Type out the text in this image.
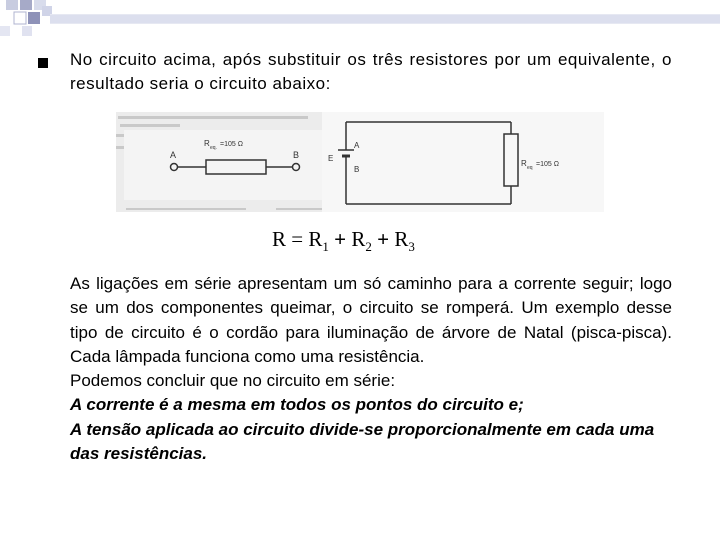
No circuito acima, após substituir os três resistores por um equivalente, o resultado seria o circuito abaixo:
A	B
R eq. =105 Ω
E
A
B
R eq =105 Ω
$R = R_1 + R_2 + R_3$

As ligações em série apresentam um só caminho para a corrente seguir; logo se um dos componentes queimar, o circuito se romperá. Um exemplo desse tipo de circuito é o cordão para iluminação de árvore de Natal (pisca-pisca). Cada lâmpada funciona como uma resistência.

Podemos concluir que no circuito em série:

A corrente é a mesma em todos os pontos do circuito e;

A tensão aplicada ao circuito divide-se proporcionalmente em cada uma das resistências.
